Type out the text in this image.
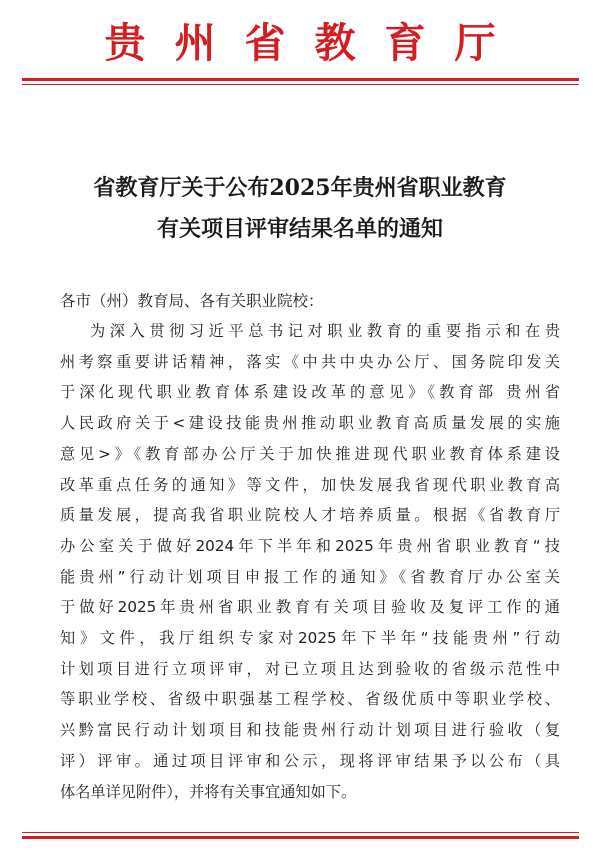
贵州省教育厅
省教育厅关于公布2025年贵州省职业教育
有关项目评审结果名单的通知
各市（州）教育局、各有关职业院校：
为深入贯彻习近平总书记对职业教育的重要指示和在贵
州考察重要讲话精神，落实《中共中央办公厅、国务院印发关
于深化现代职业教育体系建设改革的意见》《教育部 贵州省
人民政府关于<建设技能贵州推动职业教育高质量发展的实施
意见>》《教育部办公厅关于加快推进现代职业教育体系建设
改革重点任务的通知》等文件，加快发展我省现代职业教育高
质量发展，提高我省职业院校人才培养质量。根据《省教育厅
办公室关于做好2024年下半年和2025年贵州省职业教育“技
能贵州”行动计划项目申报工作的通知》《省教育厅办公室关
于做好2025年贵州省职业教育有关项目验收及复评工作的通
知》文件，我厅组织专家对2025年下半年“技能贵州”行动
计划项目进行立项评审，对已立项且达到验收的省级示范性中
等职业学校、省级中职强基工程学校、省级优质中等职业学校、
兴黔富民行动计划项目和技能贵州行动计划项目进行验收（复
评）评审。通过项目评审和公示，现将评审结果予以公布（具
体名单详见附件），并将有关事宜通知如下。
